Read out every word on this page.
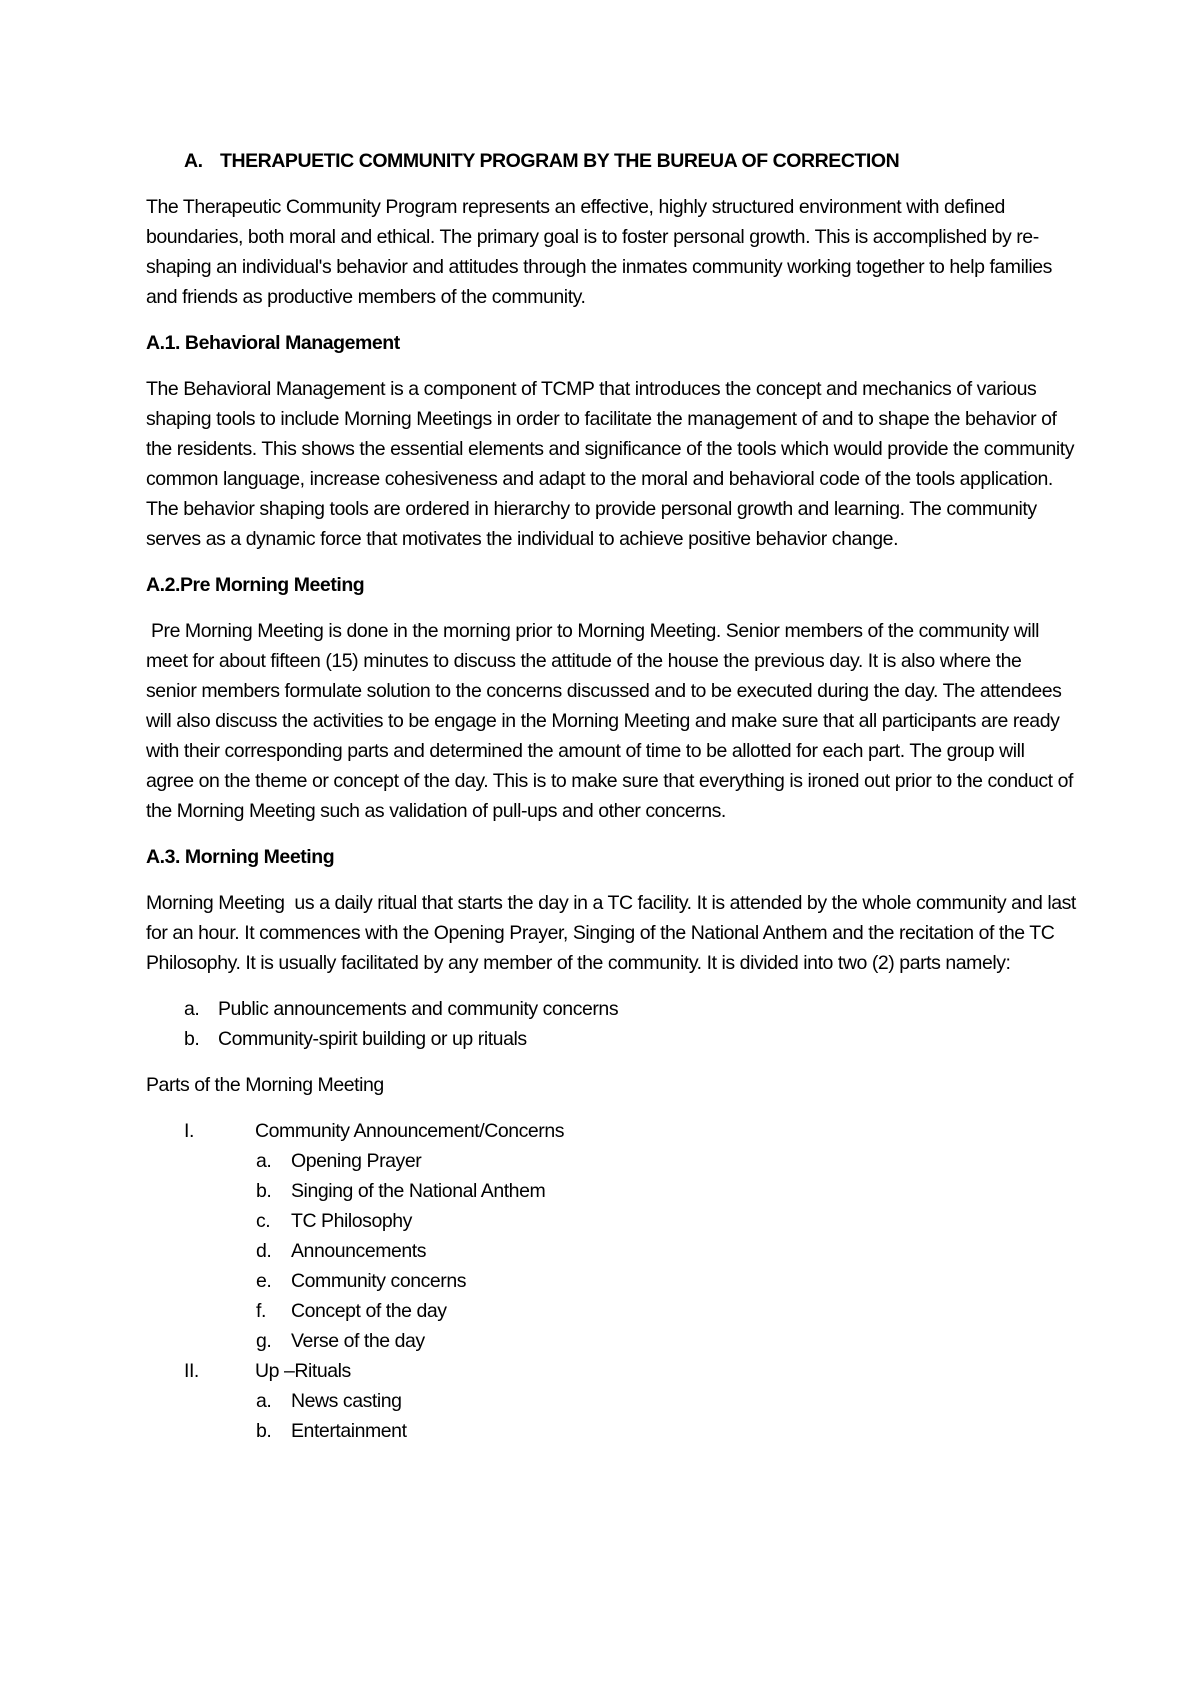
A. THERAPUETIC COMMUNITY PROGRAM BY THE BUREUA OF CORRECTION

The Therapeutic Community Program represents an effective, highly structured environment with defined boundaries, both moral and ethical. The primary goal is to foster personal growth. This is accomplished by re-shaping an individual's behavior and attitudes through the inmates community working together to help families and friends as productive members of the community.

A.1. Behavioral Management

The Behavioral Management is a component of TCMP that introduces the concept and mechanics of various shaping tools to include Morning Meetings in order to facilitate the management of and to shape the behavior of the residents. This shows the essential elements and significance of the tools which would provide the community common language, increase cohesiveness and adapt to the moral and behavioral code of the tools application. The behavior shaping tools are ordered in hierarchy to provide personal growth and learning. The community serves as a dynamic force that motivates the individual to achieve positive behavior change.

A.2.Pre Morning Meeting

Pre Morning Meeting is done in the morning prior to Morning Meeting. Senior members of the community will meet for about fifteen (15) minutes to discuss the attitude of the house the previous day. It is also where the senior members formulate solution to the concerns discussed and to be executed during the day. The attendees will also discuss the activities to be engage in the Morning Meeting and make sure that all participants are ready  with their corresponding parts and determined the amount of time to be allotted for each part. The group will agree on the theme or concept of the day. This is to make sure that everything is ironed out prior to the conduct of the Morning Meeting such as validation of pull-ups and other concerns.

A.3. Morning Meeting

Morning Meeting  us a daily ritual that starts the day in a TC facility. It is attended by the whole community and last for an hour. It commences with the Opening Prayer, Singing of the National Anthem and the recitation of the TC Philosophy. It is usually facilitated by any member of the community. It is divided into two (2) parts namely:

a. Public announcements and community concerns
b. Community-spirit building or up rituals
Parts of the Morning Meeting
I.	Community Announcement/Concerns
a. Opening Prayer
b. Singing of the National Anthem
c. TC Philosophy
d. Announcements
e. Community concerns
f. Concept of the day
g. Verse of the day
II.	Up –Rituals
a. News casting
b. Entertainment
